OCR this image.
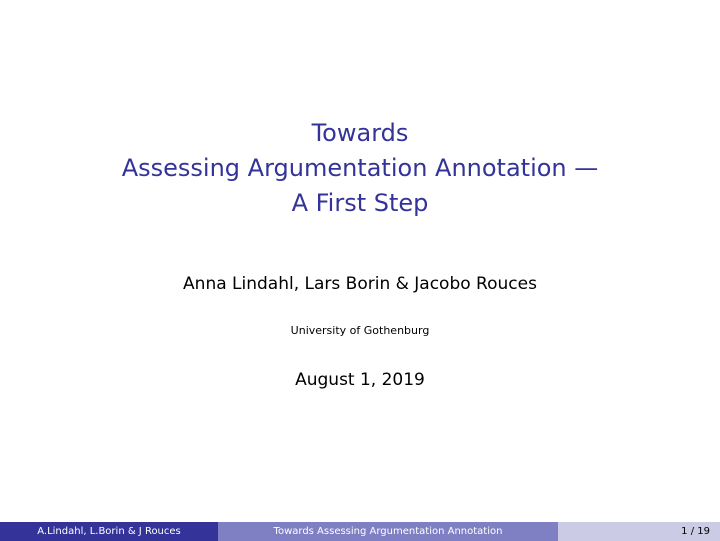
Towards
Assessing Argumentation Annotation —
A First Step
Anna Lindahl, Lars Borin & Jacobo Rouces
University of Gothenburg
August 1, 2019
A.Lindahl, L.Borin & J Rouces	Towards Assessing Argumentation Annotation	1 / 19
